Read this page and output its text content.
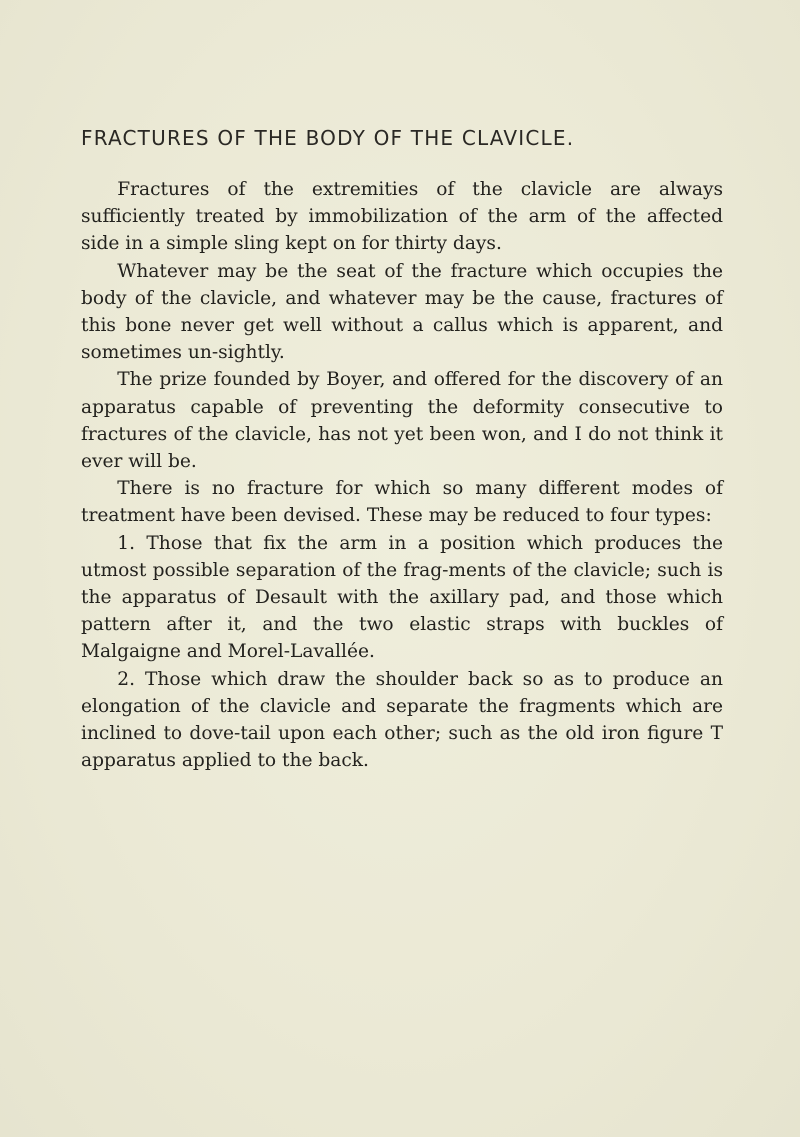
FRACTURES OF THE BODY OF THE CLAVICLE.

Fractures of the extremities of the clavicle are always sufficiently treated by immobilization of the arm of the affected side in a simple sling kept on for thirty days.

Whatever may be the seat of the fracture which occupies the body of the clavicle, and whatever may be the cause, fractures of this bone never get well without a callus which is apparent, and sometimes un-sightly.

The prize founded by Boyer, and offered for the discovery of an apparatus capable of preventing the deformity consecutive to fractures of the clavicle, has not yet been won, and I do not think it ever will be.

There is no fracture for which so many different modes of treatment have been devised. These may be reduced to four types:

1. Those that fix the arm in a position which produces the utmost possible separation of the frag-ments of the clavicle; such is the apparatus of Desault with the axillary pad, and those which pattern after it, and the two elastic straps with buckles of Malgaigne and Morel-Lavallée.

2. Those which draw the shoulder back so as to produce an elongation of the clavicle and separate the fragments which are inclined to dove-tail upon each other; such as the old iron figure T apparatus applied to the back.
